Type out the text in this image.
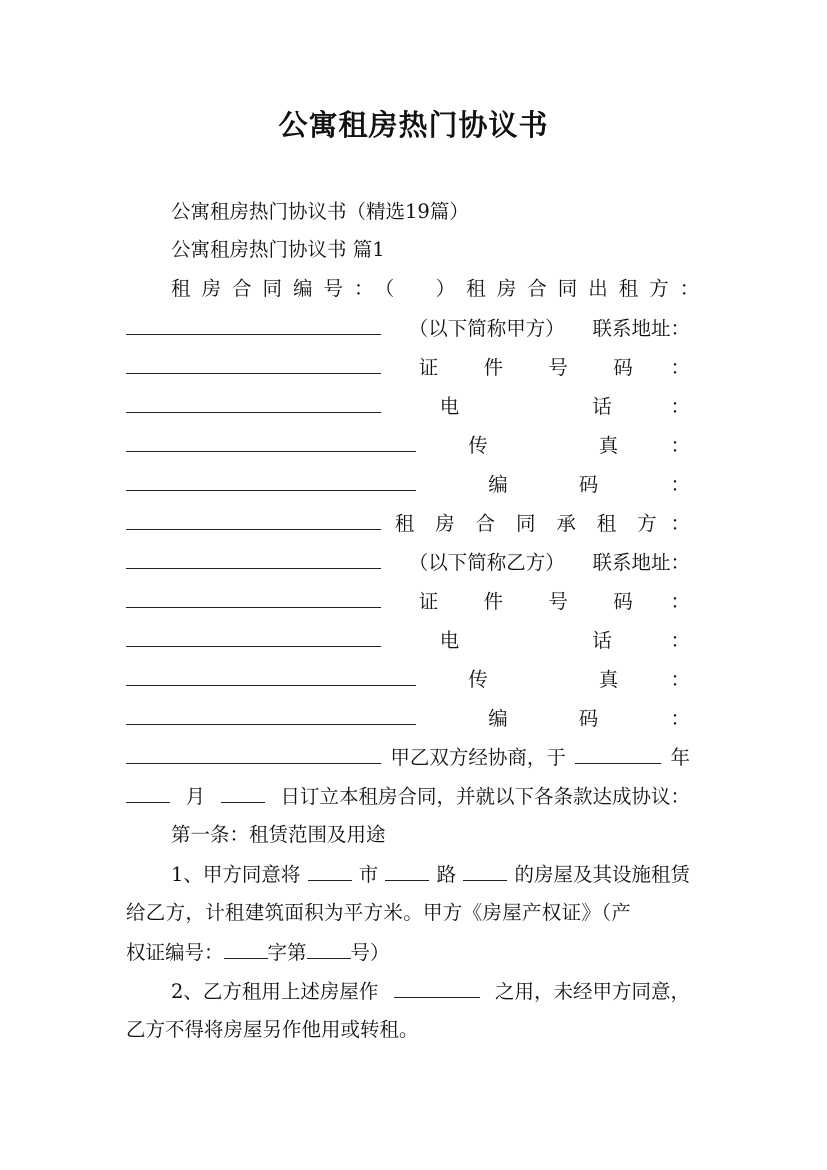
公寓租房热门协议书
公寓租房热门协议书（精选19篇）
公寓租房热门协议书 篇1
租房合同编号：（　） 租房合同出租方：
（以下简称甲方） 联系地址：
证 件 号 码 ：
电	话	：
传	真	：
编	码	：
租 房 合 同 承 租 方 ：
（以下简称乙方） 联系地址：
证 件 号 码 ：
电	话	：
传	真	：
编	码	：
甲乙双方经协商，于	年
月	日订立本租房合同，并就以下各条款达成协议：
第一条：租赁范围及用途
1、甲方同意将	市	路	的房屋及其设施租赁
给乙方，计租建筑面积为平方米。甲方《房屋产权证》（产
权证编号： 字第 号）
2、乙方租用上述房屋作	之用，未经甲方同意，
乙方不得将房屋另作他用或转租。
